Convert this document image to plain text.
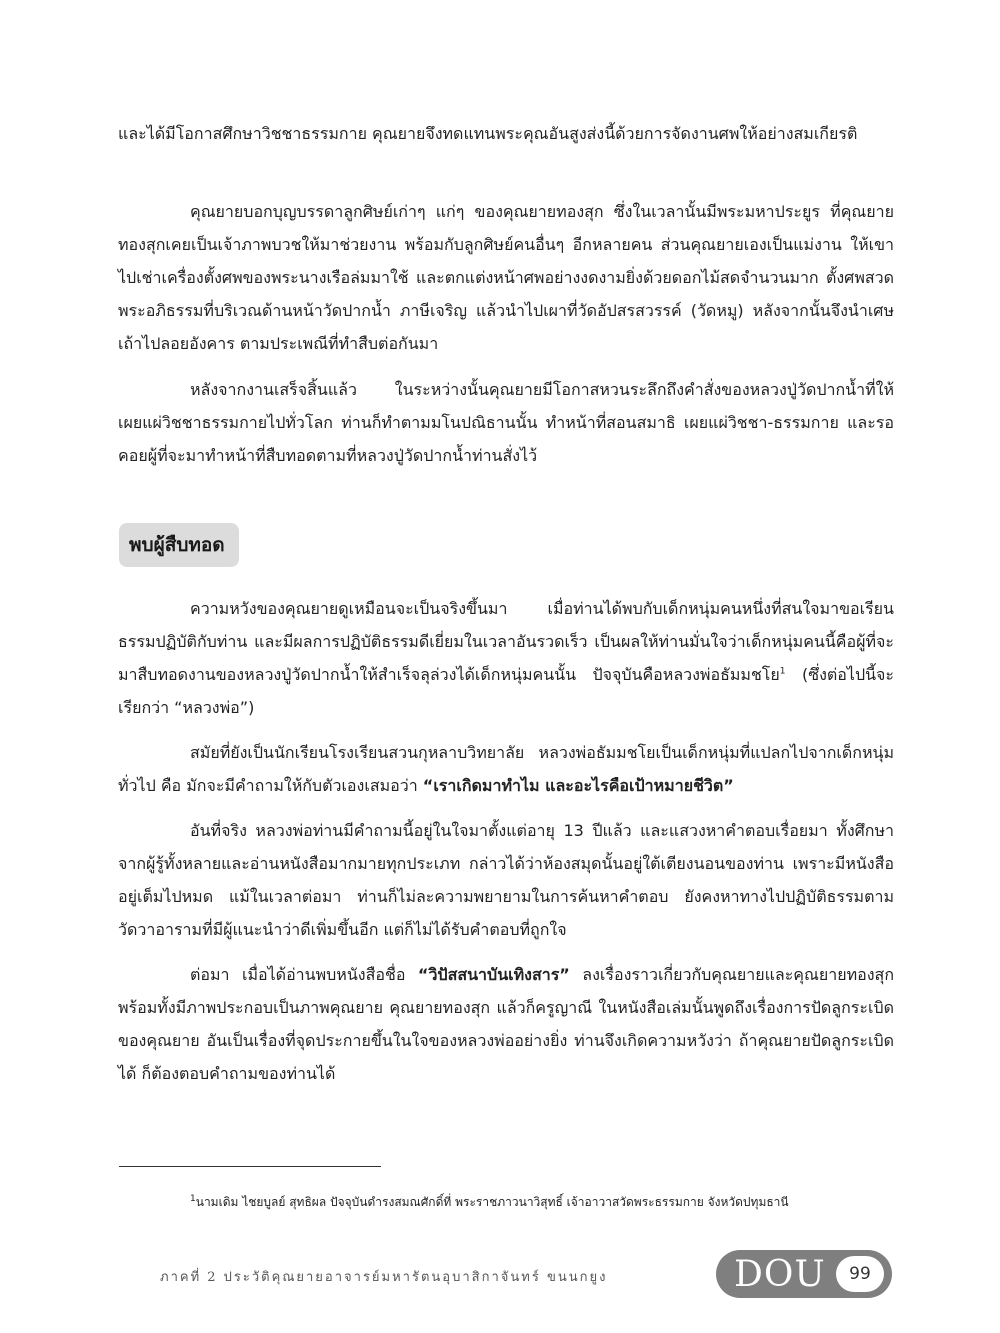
และได้มีโอกาสศึกษาวิชชาธรรมกาย คุณยายจึงทดแทนพระคุณอันสูงส่งนี้ด้วยการจัดงานศพให้อย่างสมเกียรติ

คุณยายบอกบุญบรรดาลูกศิษย์เก่าๆ แก่ๆ ของคุณยายทองสุก ซึ่งในเวลานั้นมีพระมหาประยูร ที่คุณยายทองสุกเคยเป็นเจ้าภาพบวชให้มาช่วยงาน พร้อมกับลูกศิษย์คนอื่นๆ อีกหลายคน ส่วนคุณยายเองเป็นแม่งาน ให้เขาไปเช่าเครื่องตั้งศพของพระนางเรือล่มมาใช้ และตกแต่งหน้าศพอย่างงดงามยิ่งด้วยดอกไม้สดจำนวนมาก ตั้งศพสวดพระอภิธรรมที่บริเวณด้านหน้าวัดปากน้ำ ภาษีเจริญ แล้วนำไปเผาที่วัดอัปสรสวรรค์ (วัดหมู) หลังจากนั้นจึงนำเศษเถ้าไปลอยอังคาร ตามประเพณีที่ทำสืบต่อกันมา

หลังจากงานเสร็จสิ้นแล้ว ในระหว่างนั้นคุณยายมีโอกาสหวนระลึกถึงคำสั่งของหลวงปู่วัดปากน้ำที่ให้เผยแผ่วิชชาธรรมกายไปทั่วโลก ท่านก็ทำตามมโนปณิธานนั้น ทำหน้าที่สอนสมาธิ เผยแผ่วิชชา-ธรรมกาย และรอคอยผู้ที่จะมาทำหน้าที่สืบทอดตามที่หลวงปู่วัดปากน้ำท่านสั่งไว้

พบผู้สืบทอด

ความหวังของคุณยายดูเหมือนจะเป็นจริงขึ้นมา เมื่อท่านได้พบกับเด็กหนุ่มคนหนึ่งที่สนใจมาขอเรียนธรรมปฏิบัติกับท่าน และมีผลการปฏิบัติธรรมดีเยี่ยมในเวลาอันรวดเร็ว เป็นผลให้ท่านมั่นใจว่าเด็กหนุ่มคนนี้คือผู้ที่จะมาสืบทอดงานของหลวงปู่วัดปากน้ำให้สำเร็จลุล่วงได้เด็กหนุ่มคนนั้น ปัจจุบันคือหลวงพ่อธัมมชโย$^1$ (ซึ่งต่อไปนี้จะเรียกว่า “หลวงพ่อ”)

สมัยที่ยังเป็นนักเรียนโรงเรียนสวนกุหลาบวิทยาลัย หลวงพ่อธัมมชโยเป็นเด็กหนุ่มที่แปลกไปจากเด็กหนุ่มทั่วไป คือ มักจะมีคำถามให้กับตัวเองเสมอว่า “เราเกิดมาทำไม และอะไรคือเป้าหมายชีวิต”

อันที่จริง หลวงพ่อท่านมีคำถามนี้อยู่ในใจมาตั้งแต่อายุ 13 ปีแล้ว และแสวงหาคำตอบเรื่อยมา ทั้งศึกษาจากผู้รู้ทั้งหลายและอ่านหนังสือมากมายทุกประเภท กล่าวได้ว่าห้องสมุดนั้นอยู่ใต้เตียงนอนของท่าน เพราะมีหนังสืออยู่เต็มไปหมด แม้ในเวลาต่อมา ท่านก็ไม่ละความพยายามในการค้นหาคำตอบ ยังคงหาทางไปปฏิบัติธรรมตามวัดวาอารามที่มีผู้แนะนำว่าดีเพิ่มขึ้นอีก แต่ก็ไม่ได้รับคำตอบที่ถูกใจ

ต่อมา เมื่อได้อ่านพบหนังสือชื่อ “วิปัสสนาบันเทิงสาร” ลงเรื่องราวเกี่ยวกับคุณยายและคุณยายทองสุก พร้อมทั้งมีภาพประกอบเป็นภาพคุณยาย คุณยายทองสุก แล้วก็ครูญาณี ในหนังสือเล่มนั้นพูดถึงเรื่องการปัดลูกระเบิดของคุณยาย อันเป็นเรื่องที่จุดประกายขึ้นในใจของหลวงพ่ออย่างยิ่ง ท่านจึงเกิดความหวังว่า ถ้าคุณยายปัดลูกระเบิดได้ ก็ต้องตอบคำถามของท่านได้

$^1$นามเดิม ไชยบูลย์ สุทธิผล ปัจจุบันดำรงสมณศักดิ์ที่ พระราชภาวนาวิสุทธิ์ เจ้าอาวาสวัดพระธรรมกาย จังหวัดปทุมธานี
ภาคที่ 2 ประวัติคุณยายอาจารย์มหารัตนอุบาสิกาจันทร์ ขนนกยูง	DOU	99
